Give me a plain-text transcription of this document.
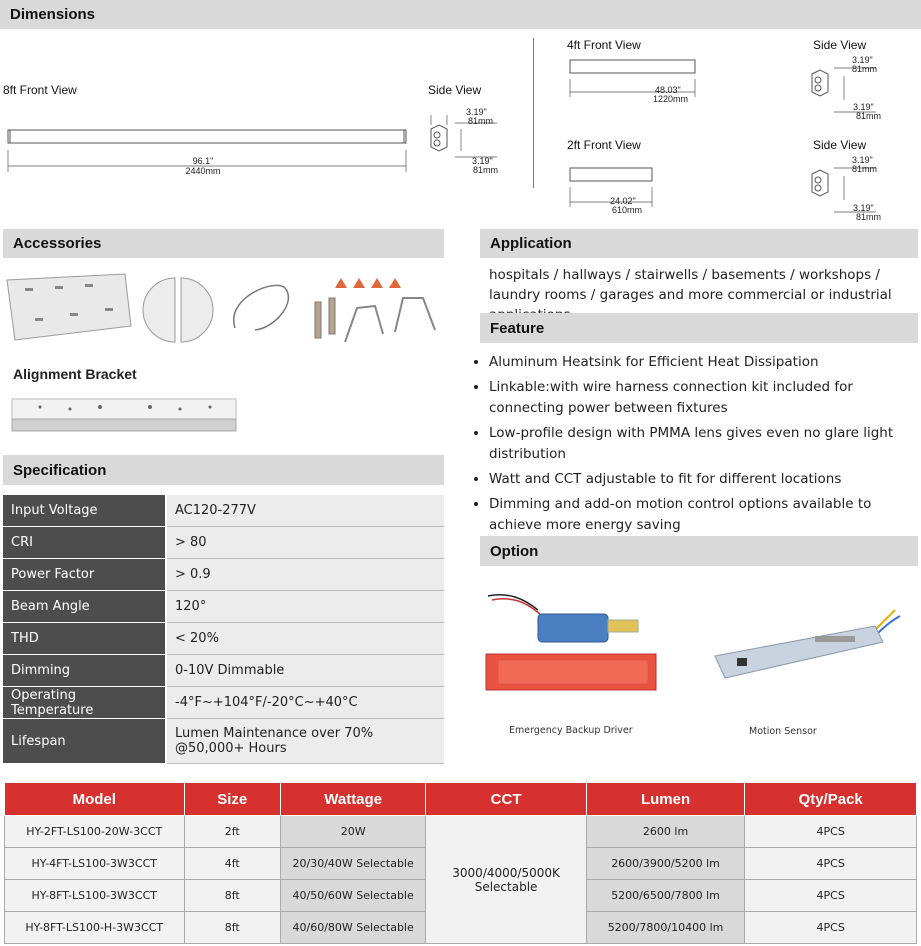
Dimensions
8ft Front View
96.1"
2440mm
Side View
3.19"
81mm
3.19"
81mm
4ft Front View
48.03"
1220mm
Side View
3.19"
81mm
3.19"
81mm
2ft Front View
24.02"
610mm
Side View
3.19"
81mm
3.19"
81mm
Accessories
Alignment Bracket
Specification
Input Voltage	AC120-277V
CRI	> 80
Power Factor	> 0.9
Beam Angle	120°
THD	< 20%
Dimming	0-10V Dimmable
Operating Temperature	-4°F~+104°F/-20°C~+40°C
Lifespan	Lumen Maintenance over 70% @50,000+ Hours
Application
hospitals / hallways / stairwells / basements / workshops / laundry rooms / garages and more commercial or industrial
Feature
• Aluminum Heatsink for Efficient Heat Dissipation
• Linkable:with wire harness connection kit included for connecting power between fixtures
• Low-profile design with PMMA lens gives even no glare light distribution
• Watt and CCT adjustable to fit for different locations
• Dimming and add-on motion control options available to achieve more energy saving
Option
Emergency Backup Driver	Motion Sensor
Model	Size	Wattage	CCT	Lumen	Qty/Pack
HY-2FT-LS100-20W-3CCT	2ft	20W	3000/4000/5000K Selectable	2600 lm	4PCS
HY-4FT-LS100-3W3CCT	4ft	20/30/40W Selectable		2600/3900/5200 lm	4PCS
HY-8FT-LS100-3W3CCT	8ft	40/50/60W Selectable		5200/6500/7800 lm	4PCS
HY-8FT-LS100-H-3W3CCT	8ft	40/60/80W Selectable		5200/7800/10400 lm	4PCS
